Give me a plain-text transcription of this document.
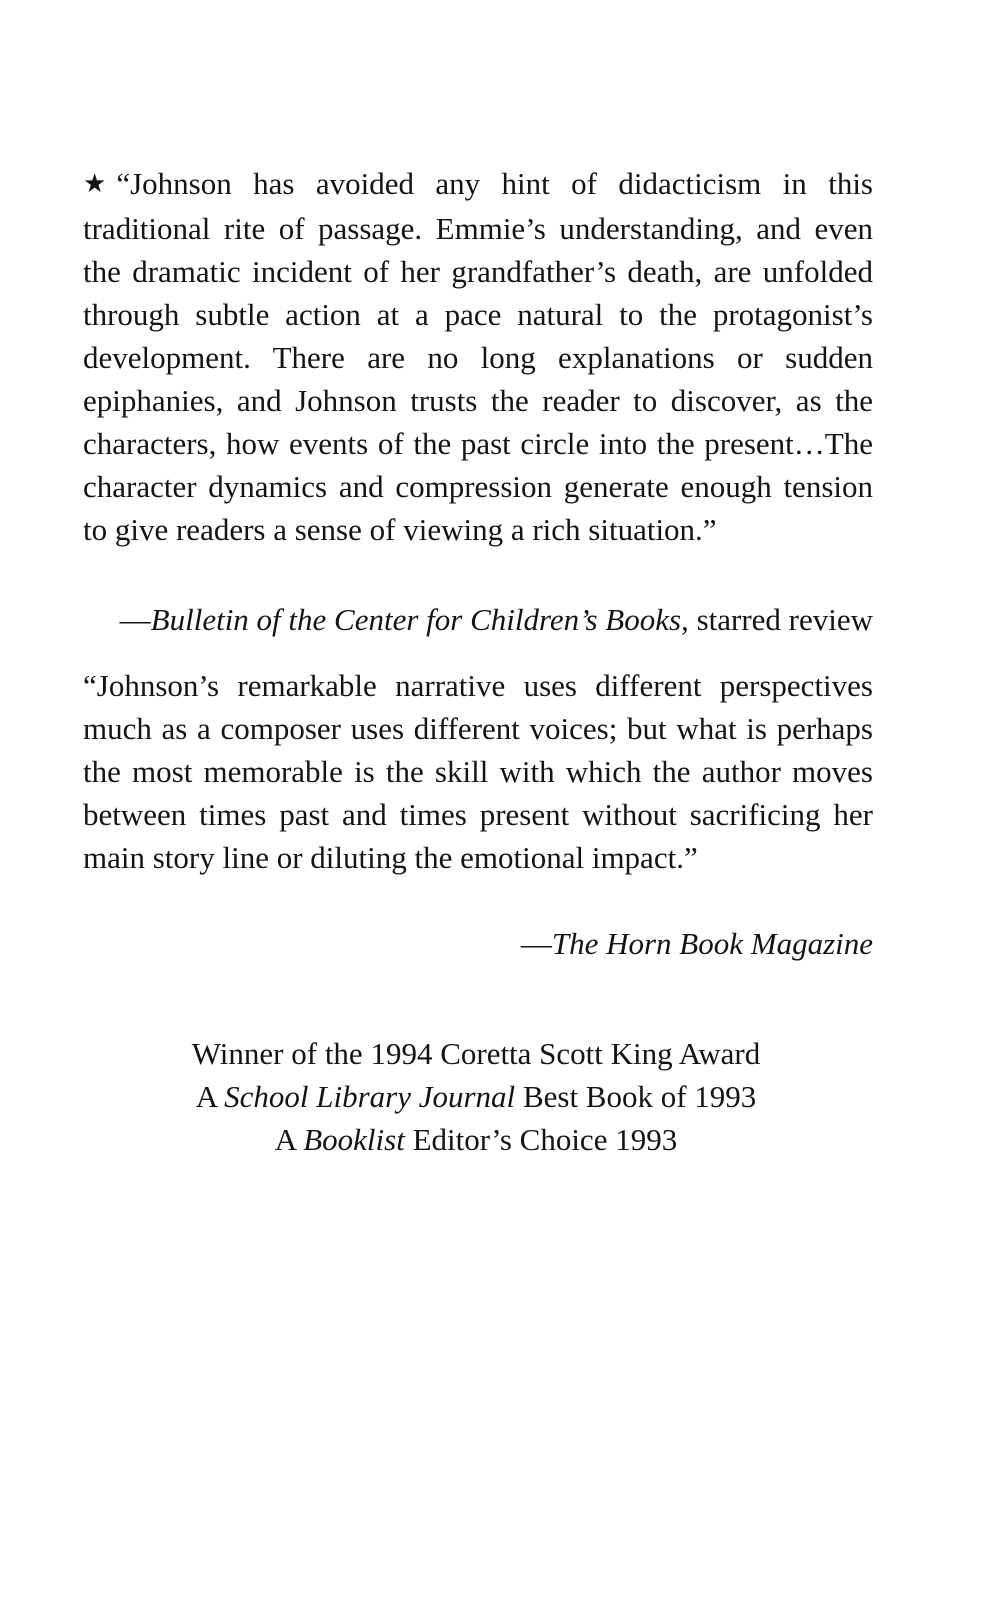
★ “Johnson has avoided any hint of didacticism in this traditional rite of passage. Emmie’s understanding, and even the dramatic incident of her grandfather’s death, are unfolded through subtle action at a pace natural to the protagonist’s development. There are no long explanations or sudden epiphanies, and Johnson trusts the reader to discover, as the characters, how events of the past circle into the present…The character dynamics and compression generate enough tension to give readers a sense of viewing a rich situation.”

—Bulletin of the Center for Children’s Books, starred review

“Johnson’s remarkable narrative uses different perspectives much as a composer uses different voices; but what is perhaps the most memorable is the skill with which the author moves between times past and times present without sacrificing her main story line or diluting the emotional impact.”

—The Horn Book Magazine

Winner of the 1994 Coretta Scott King Award
A School Library Journal Best Book of 1993
A Booklist Editor’s Choice 1993
